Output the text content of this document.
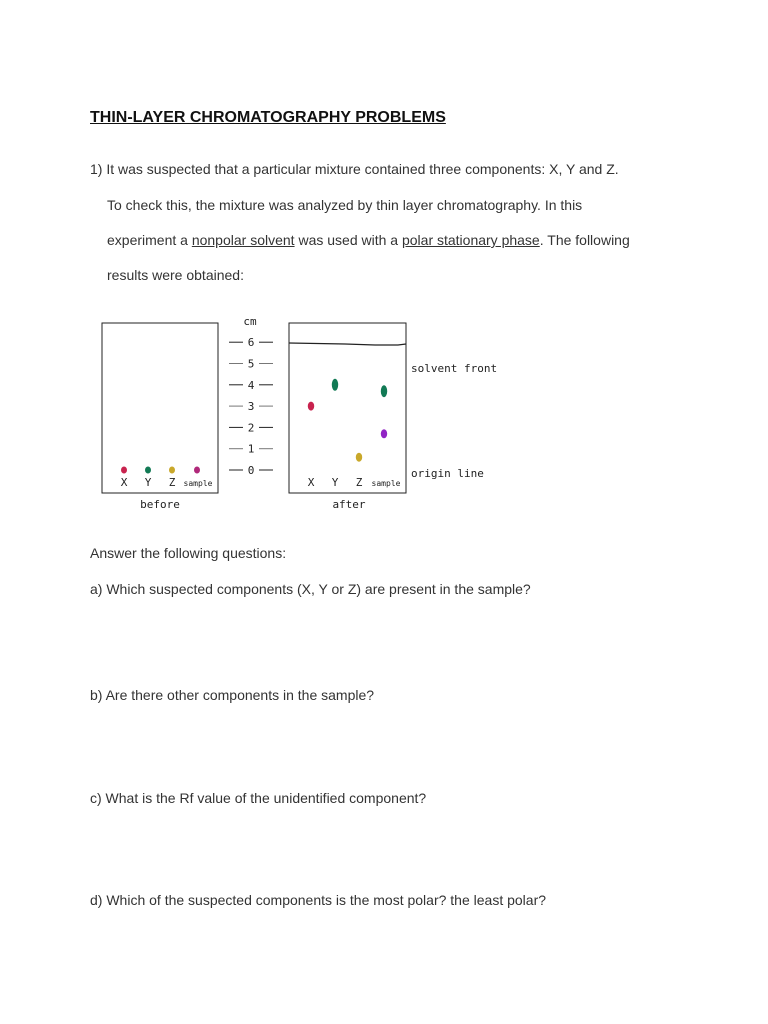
THIN-LAYER CHROMATOGRAPHY PROBLEMS
1) It was suspected that a particular mixture contained three components: X, Y and Z.
To check this, the mixture was analyzed by thin layer chromatography. In this
experiment a nonpolar solvent was used with a polar stationary phase. The following
results were obtained:
cm
6
5
4
3
2
1
0
X Y Z sample	X Y Z sample
before	after
solvent front
origin line
Answer the following questions:
a) Which suspected components (X, Y or Z) are present in the sample?
b) Are there other components in the sample?
c) What is the Rf value of the unidentified component?
d) Which of the suspected components is the most polar? the least polar?
